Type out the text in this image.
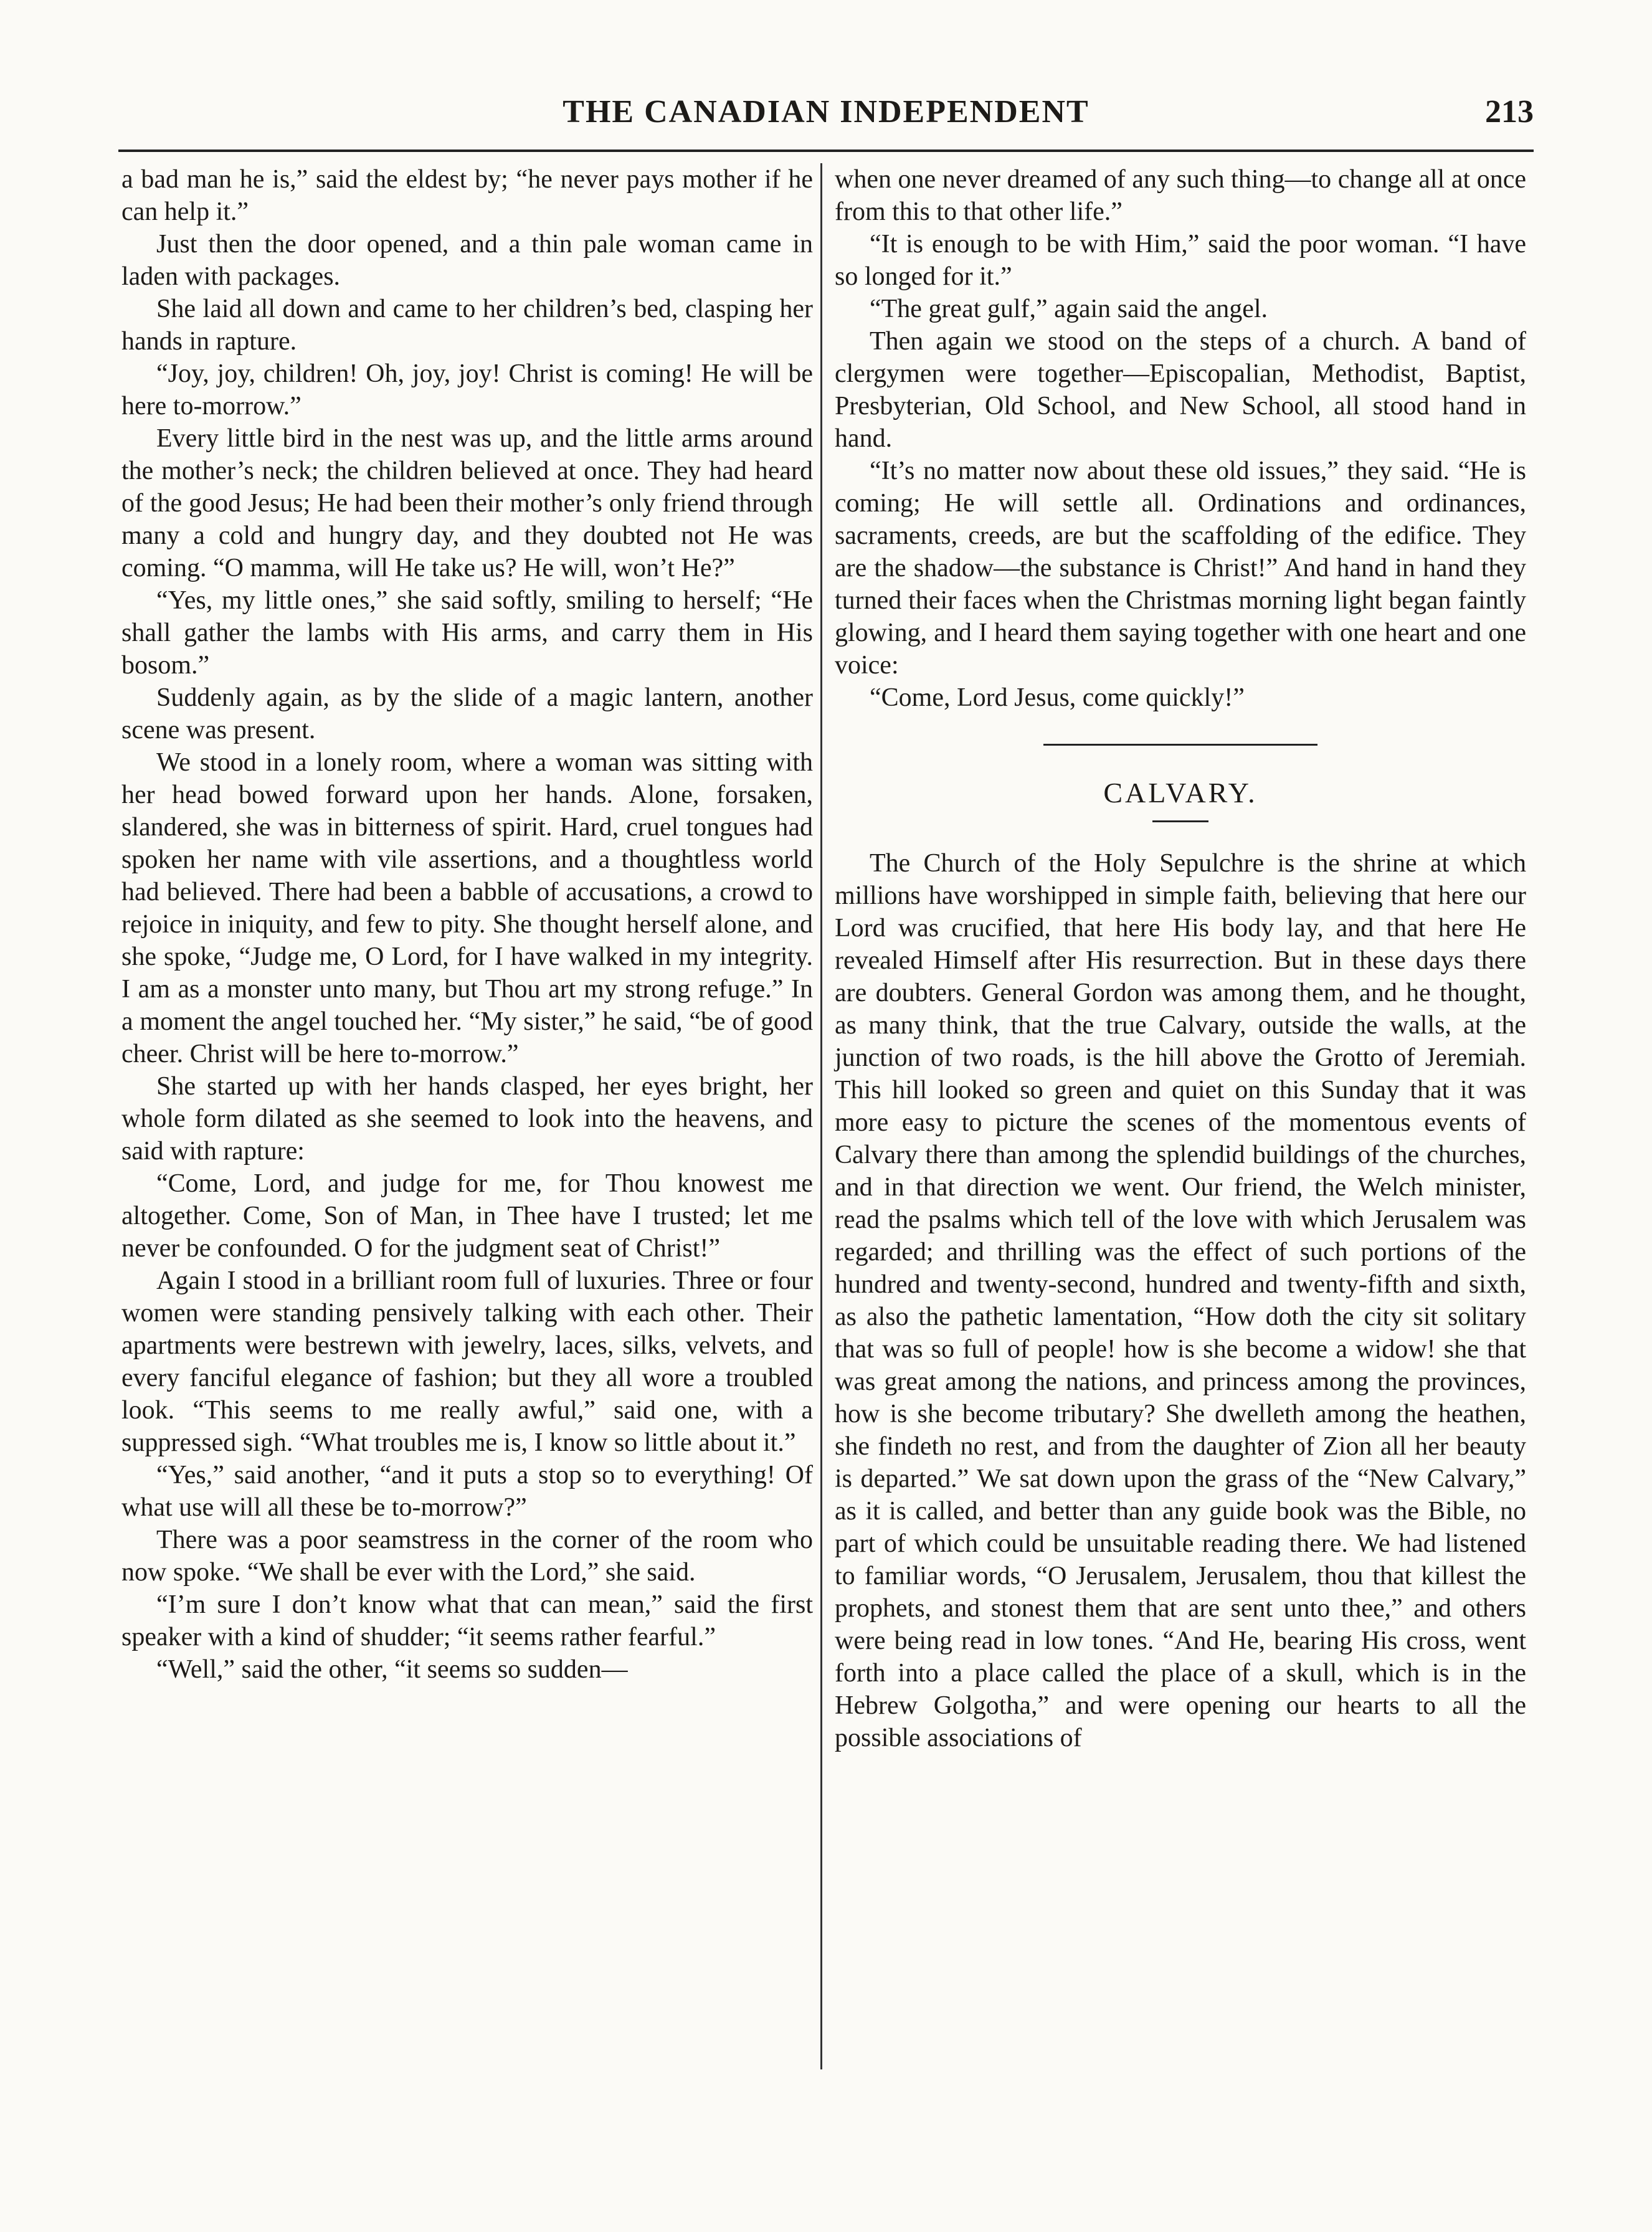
THE CANADIAN INDEPENDENT	213

a bad man he is,” said the eldest by; “he never pays mother if he can help it.”

Just then the door opened, and a thin pale woman came in laden with packages.

She laid all down and came to her children’s bed, clasping her hands in rapture.

“Joy, joy, children! Oh, joy, joy! Christ is coming! He will be here to-morrow.”

Every little bird in the nest was up, and the little arms around the mother’s neck; the children believed at once. They had heard of the good Jesus; He had been their mother’s only friend through many a cold and hungry day, and they doubted not He was coming. “O mamma, will He take us? He will, won’t He?”

“Yes, my little ones,” she said softly, smiling to herself; “He shall gather the lambs with His arms, and carry them in His bosom.”

Suddenly again, as by the slide of a magic lantern, another scene was present.

We stood in a lonely room, where a woman was sitting with her head bowed forward upon her hands. Alone, forsaken, slandered, she was in bitterness of spirit. Hard, cruel tongues had spoken her name with vile assertions, and a thoughtless world had believed. There had been a babble of accusations, a crowd to rejoice in iniquity, and few to pity. She thought herself alone, and she spoke, “Judge me, O Lord, for I have walked in my integrity. I am as a monster unto many, but Thou art my strong refuge.” In a moment the angel touched her. “My sister,” he said, “be of good cheer. Christ will be here to-morrow.”

She started up with her hands clasped, her eyes bright, her whole form dilated as she seemed to look into the heavens, and said with rapture:

“Come, Lord, and judge for me, for Thou knowest me altogether. Come, Son of Man, in Thee have I trusted; let me never be confounded. O for the judgment seat of Christ!”

Again I stood in a brilliant room full of luxuries. Three or four women were standing pensively talking with each other. Their apartments were bestrewn with jewelry, laces, silks, velvets, and every fanciful elegance of fashion; but they all wore a troubled look. “This seems to me really awful,” said one, with a suppressed sigh. “What troubles me is, I know so little about it.”

“Yes,” said another, “and it puts a stop so to everything! Of what use will all these be to-morrow?”

There was a poor seamstress in the corner of the room who now spoke. “We shall be ever with the Lord,” she said.

“I’m sure I don’t know what that can mean,” said the first speaker with a kind of shudder; “it seems rather fearful.”

“Well,” said the other, “it seems so sudden—

when one never dreamed of any such thing—to change all at once from this to that other life.”

“It is enough to be with Him,” said the poor woman. “I have so longed for it.”

“The great gulf,” again said the angel.

Then again we stood on the steps of a church. A band of clergymen were together—Episcopalian, Methodist, Baptist, Presbyterian, Old School, and New School, all stood hand in hand.

“It’s no matter now about these old issues,” they said. “He is coming; He will settle all. Ordinations and ordinances, sacraments, creeds, are but the scaffolding of the edifice. They are the shadow—the substance is Christ!” And hand in hand they turned their faces when the Christmas morning light began faintly glowing, and I heard them saying together with one heart and one voice:

“Come, Lord Jesus, come quickly!”

CALVARY.

The Church of the Holy Sepulchre is the shrine at which millions have worshipped in simple faith, believing that here our Lord was crucified, that here His body lay, and that here He revealed Himself after His resurrection. But in these days there are doubters. General Gordon was among them, and he thought, as many think, that the true Calvary, outside the walls, at the junction of two roads, is the hill above the Grotto of Jeremiah. This hill looked so green and quiet on this Sunday that it was more easy to picture the scenes of the momentous events of Calvary there than among the splendid buildings of the churches, and in that direction we went. Our friend, the Welch minister, read the psalms which tell of the love with which Jerusalem was regarded; and thrilling was the effect of such portions of the hundred and twenty-second, hundred and twenty-fifth and sixth, as also the pathetic lamentation, “How doth the city sit solitary that was so full of people! how is she become a widow! she that was great among the nations, and princess among the provinces, how is she become tributary? She dwelleth among the heathen, she findeth no rest, and from the daughter of Zion all her beauty is departed.” We sat down upon the grass of the “New Calvary,” as it is called, and better than any guide book was the Bible, no part of which could be unsuitable reading there. We had listened to familiar words, “O Jerusalem, Jerusalem, thou that killest the prophets, and stonest them that are sent unto thee,” and others were being read in low tones. “And He, bearing His cross, went forth into a place called the place of a skull, which is in the Hebrew Golgotha,” and were opening our hearts to all the possible associations of
